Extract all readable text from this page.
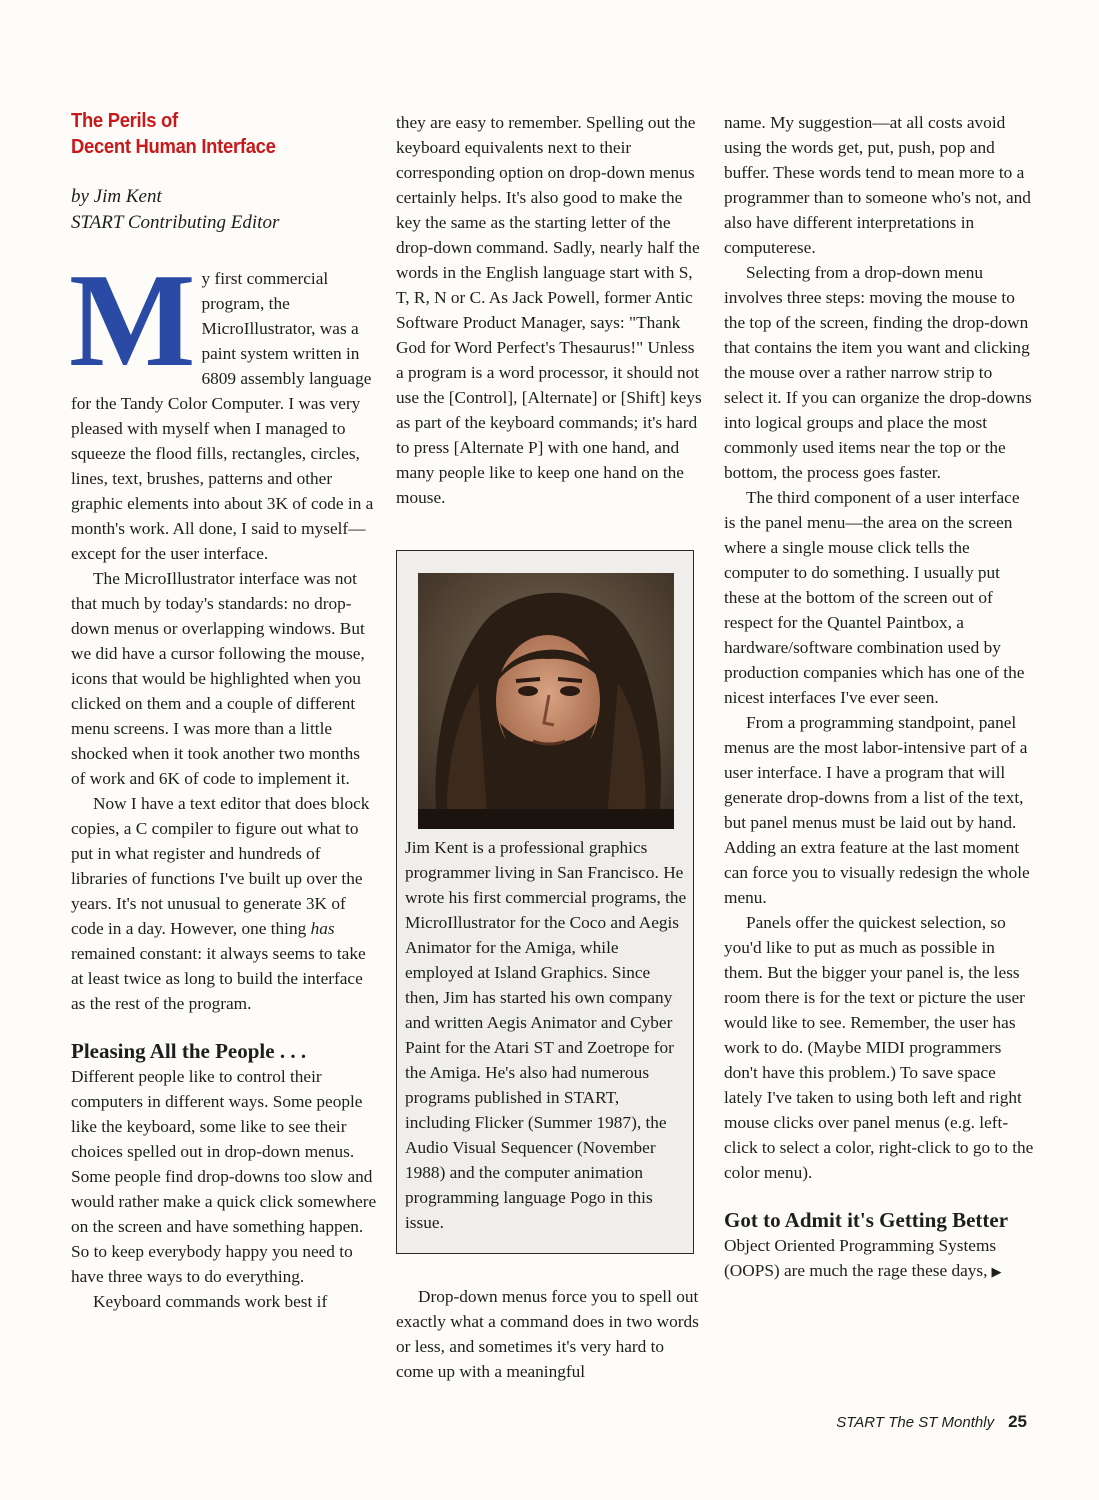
The Perils of
Decent Human Interface
by Jim Kent
START Contributing Editor
M y first commercial program, the MicroIllustrator, was a paint system written in 6809 assembly language for the Tandy Color Computer. I was very pleased with myself when I managed to squeeze the flood fills, rectangles, circles, lines, text, brushes, patterns and other graphic elements into about 3K of code in a month's work. All done, I said to myself—except for the user interface.

The MicroIllustrator interface was not that much by today's standards: no drop-down menus or overlapping windows. But we did have a cursor following the mouse, icons that would be highlighted when you clicked on them and a couple of different menu screens. I was more than a little shocked when it took another two months of work and 6K of code to implement it.

Now I have a text editor that does block copies, a C compiler to figure out what to put in what register and hundreds of libraries of functions I've built up over the years. It's not unusual to generate 3K of code in a day. However, one thing has remained constant: it always seems to take at least twice as long to build the interface as the rest of the program.

Pleasing All the People . . .

Different people like to control their computers in different ways. Some people like the keyboard, some like to see their choices spelled out in drop-down menus. Some people find drop-downs too slow and would rather make a quick click somewhere on the screen and have something happen. So to keep everybody happy you need to have three ways to do everything.

Keyboard commands work best if

they are easy to remember. Spelling out the keyboard equivalents next to their corresponding option on drop-down menus certainly helps. It's also good to make the key the same as the starting letter of the drop-down command. Sadly, nearly half the words in the English language start with S, T, R, N or C. As Jack Powell, former Antic Software Product Manager, says: "Thank God for Word Perfect's Thesaurus!" Unless a program is a word processor, it should not use the [Control], [Alternate] or [Shift] keys as part of the keyboard commands; it's hard to press [Alternate P] with one hand, and many people like to keep one hand on the mouse.

Jim Kent is a professional graphics programmer living in San Francisco. He wrote his first commercial programs, the MicroIllustrator for the Coco and Aegis Animator for the Amiga, while employed at Island Graphics. Since then, Jim has started his own company and written Aegis Animator and Cyber Paint for the Atari ST and Zoetrope for the Amiga. He's also had numerous programs published in START, including Flicker (Summer 1987), the Audio Visual Sequencer (November 1988) and the computer animation programming language Pogo in this issue.

Drop-down menus force you to spell out exactly what a command does in two words or less, and sometimes it's very hard to come up with a meaningful

name. My suggestion—at all costs avoid using the words get, put, push, pop and buffer. These words tend to mean more to a programmer than to someone who's not, and also have different interpretations in computerese.

Selecting from a drop-down menu involves three steps: moving the mouse to the top of the screen, finding the drop-down that contains the item you want and clicking the mouse over a rather narrow strip to select it. If you can organize the drop-downs into logical groups and place the most commonly used items near the top or the bottom, the process goes faster.

The third component of a user interface is the panel menu—the area on the screen where a single mouse click tells the computer to do something. I usually put these at the bottom of the screen out of respect for the Quantel Paintbox, a hardware/software combination used by production companies which has one of the nicest interfaces I've ever seen.

From a programming standpoint, panel menus are the most labor-intensive part of a user interface. I have a program that will generate drop-downs from a list of the text, but panel menus must be laid out by hand. Adding an extra feature at the last moment can force you to visually redesign the whole menu.

Panels offer the quickest selection, so you'd like to put as much as possible in them. But the bigger your panel is, the less room there is for the text or picture the user would like to see. Remember, the user has work to do. (Maybe MIDI programmers don't have this problem.) To save space lately I've taken to using both left and right mouse clicks over panel menus (e.g. left-click to select a color, right-click to go to the color menu).

Got to Admit it's Getting Better

Object Oriented Programming Systems (OOPS) are much the rage these days, ▶

START The ST Monthly 25
